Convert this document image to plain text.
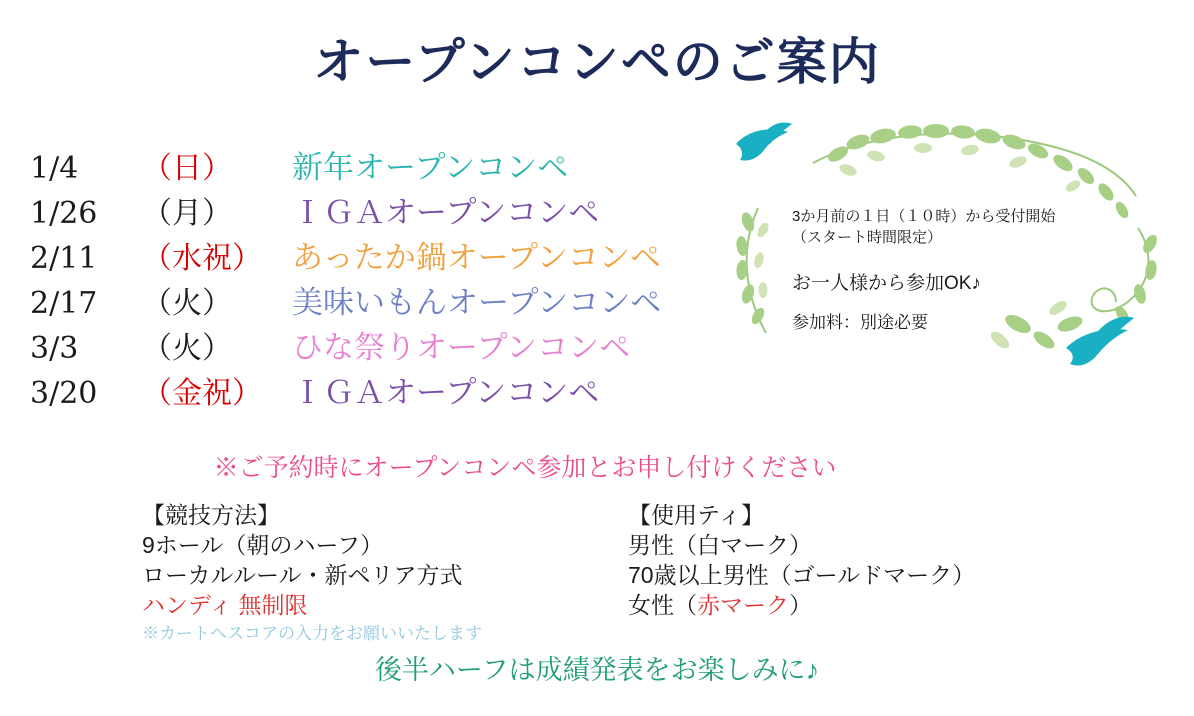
オープンコンペのご案内
1/4	（日）	新年オープンコンペ
1/26	（月）	ＩＧＡオープンコンペ
2/11	（水祝） あったか鍋オープンコンペ
2/17	（火）	美味いもんオープンコンペ
3/3	（火）	ひな祭りオープンコンペ
3/20	（金祝） ＩＧＡオープンコンペ
3か月前の１日（１０時）から受付開始
（スタート時間限定）
お一人様から参加OK♪
参加料：別途必要
※ご予約時にオープンコンペ参加とお申し付けください
【競技方法】
9ホール（朝のハーフ）
ローカルルール・新ペリア方式
ハンディ 無制限
※カートへスコアの入力をお願いいたします
【使用ティ】
男性（白マーク）
70歳以上男性（ゴールドマーク）
女性（赤マーク）
後半ハーフは成績発表をお楽しみに♪
